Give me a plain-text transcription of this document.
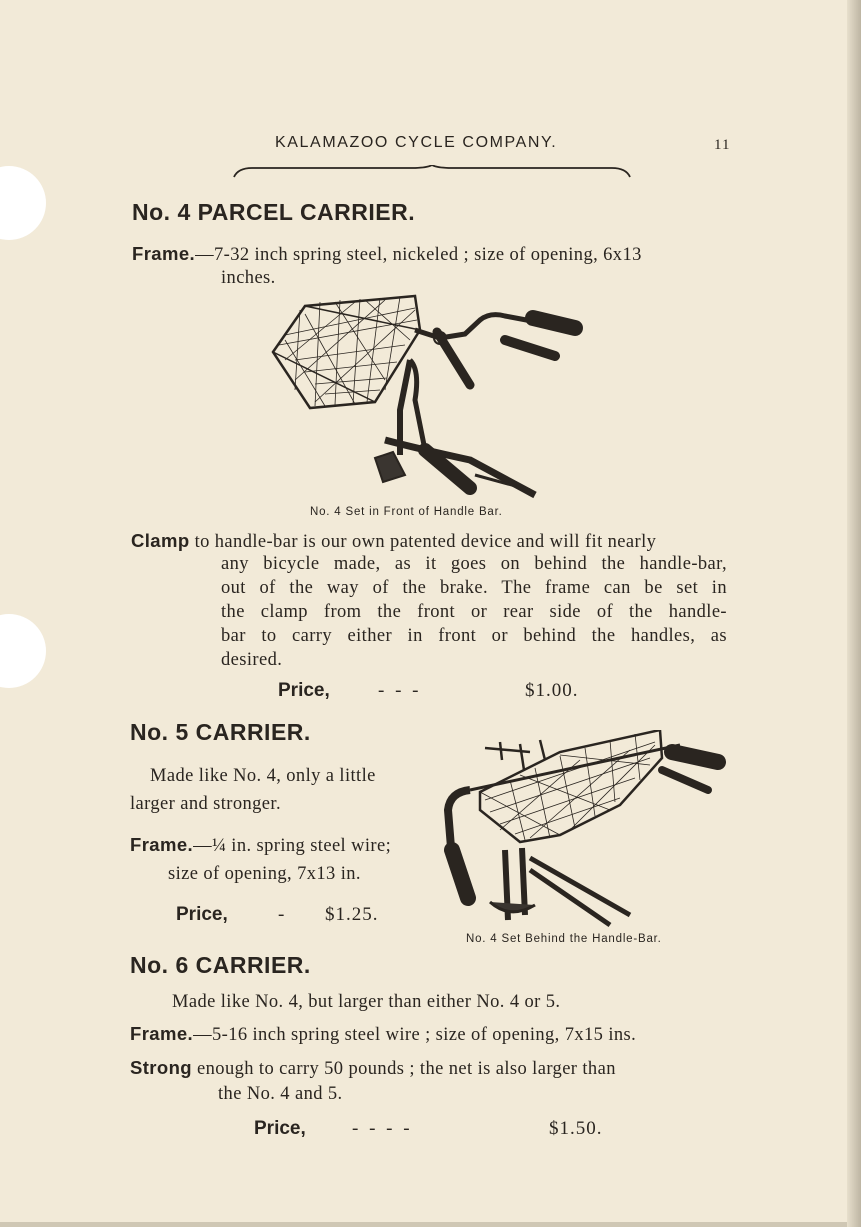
KALAMAZOO CYCLE COMPANY.	11
No. 4 PARCEL CARRIER.
Frame.—7-32 inch spring steel, nickeled ; size of opening, 6x13
inches.
No. 4 Set in Front of Handle Bar.
Clamp to handle-bar is our own patented device and will fit nearly
any bicycle made, as it goes on behind the handle-bar,
out of the way of the brake. The frame can be set in
the clamp from the front or rear side of the handle-
bar to carry either in front or behind the handles, as
desired.
Price,	- - -	$1.00.
No. 5 CARRIER.
Made like No. 4, only a little
larger and stronger.
Frame.—¼ in. spring steel wire;
size of opening, 7x13 in.
Price,	- $1.25.
No. 4 Set Behind the Handle-Bar.
No. 6 CARRIER.
Made like No. 4, but larger than either No. 4 or 5.
Frame.—5-16 inch spring steel wire ; size of opening, 7x15 ins.
Strong enough to carry 50 pounds ; the net is also larger than
the No. 4 and 5.
Price, - - - -	$1.50.
